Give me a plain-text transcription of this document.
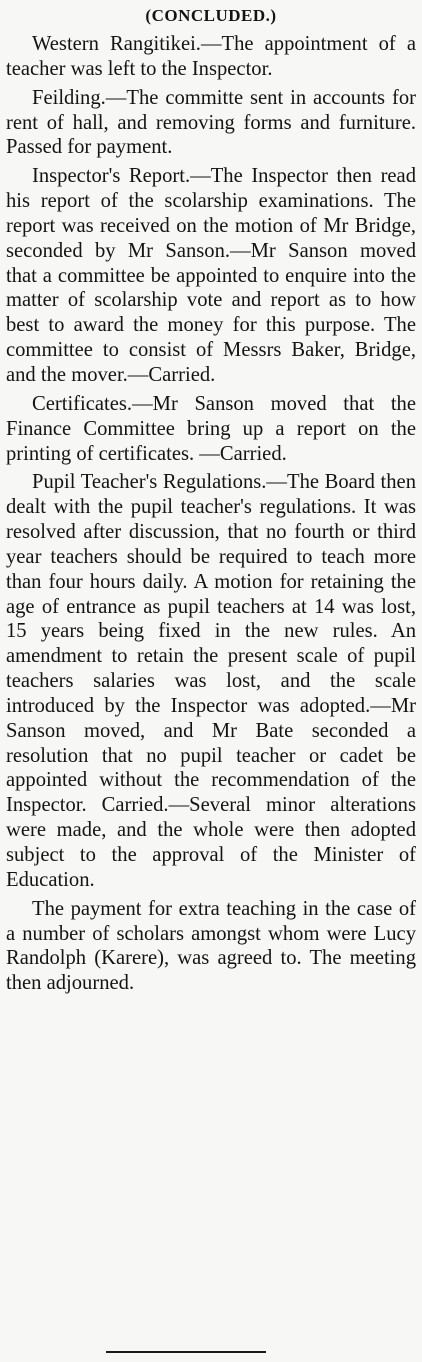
(CONCLUDED.)

Western Rangitikei.—The appointment of a teacher was left to the Inspector.

Feilding.—The committe sent in accounts for rent of hall, and removing forms and furniture. Passed for payment.

Inspector's Report.—The Inspector then read his report of the scolarship examinations. The report was received on the motion of Mr Bridge, seconded by Mr Sanson.—Mr Sanson moved that a committee be appointed to enquire into the matter of scolarship vote and report as to how best to award the money for this purpose. The committee to consist of Messrs Baker, Bridge, and the mover.—Carried.

Certificates.—Mr Sanson moved that the Finance Committee bring up a report on the printing of certificates. —Carried.

Pupil Teacher's Regulations.—The Board then dealt with the pupil teacher's regulations. It was resolved after discussion, that no fourth or third year teachers should be required to teach more than four hours daily. A motion for retaining the age of entrance as pupil teachers at 14 was lost, 15 years being fixed in the new rules. An amendment to retain the present scale of pupil teachers salaries was lost, and the scale introduced by the Inspector was adopted.—Mr Sanson moved, and Mr Bate seconded a resolution that no pupil teacher or cadet be appointed without the recommendation of the Inspector. Carried.—Several minor alterations were made, and the whole were then adopted subject to the approval of the Minister of Education.

The payment for extra teaching in the case of a number of scholars amongst whom were Lucy Randolph (Karere), was agreed to. The meeting then adjourned.
